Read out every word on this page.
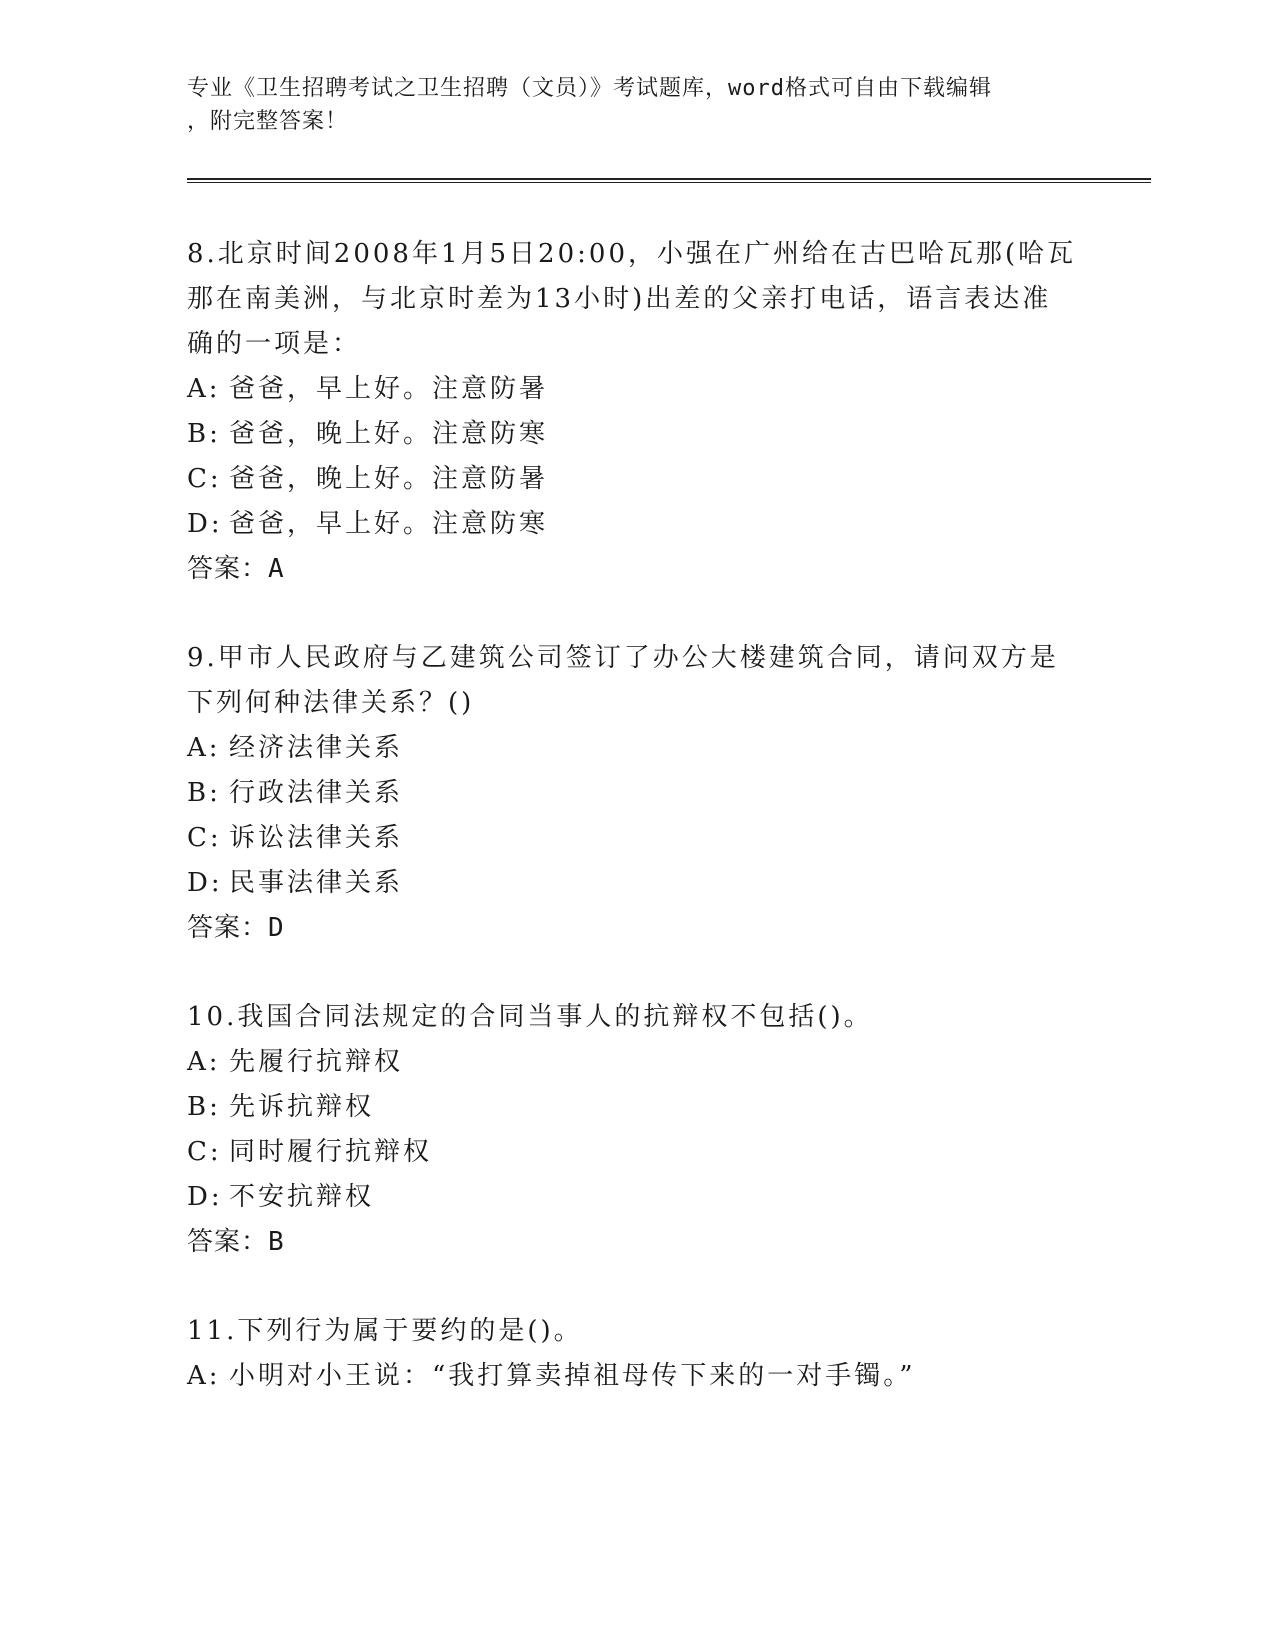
专业《卫生招聘考试之卫生招聘（文员）》考试题库，word格式可自由下载编辑
，附完整答案！

8.北京时间2008年1月5日20:00，小强在广州给在古巴哈瓦那(哈瓦那在南美洲，与北京时差为13小时)出差的父亲打电话，语言表达准确的一项是：

A: 爸爸，早上好。注意防暑

B: 爸爸，晚上好。注意防寒

C: 爸爸，晚上好。注意防暑

D: 爸爸，早上好。注意防寒

答案：A

9.甲市人民政府与乙建筑公司签订了办公大楼建筑合同，请问双方是下列何种法律关系？()

A: 经济法律关系

B: 行政法律关系

C: 诉讼法律关系

D: 民事法律关系

答案：D

10.我国合同法规定的合同当事人的抗辩权不包括()。

A: 先履行抗辩权

B: 先诉抗辩权

C: 同时履行抗辩权

D: 不安抗辩权

答案：B

11.下列行为属于要约的是()。

A: 小明对小王说：“我打算卖掉祖母传下来的一对手镯。”
